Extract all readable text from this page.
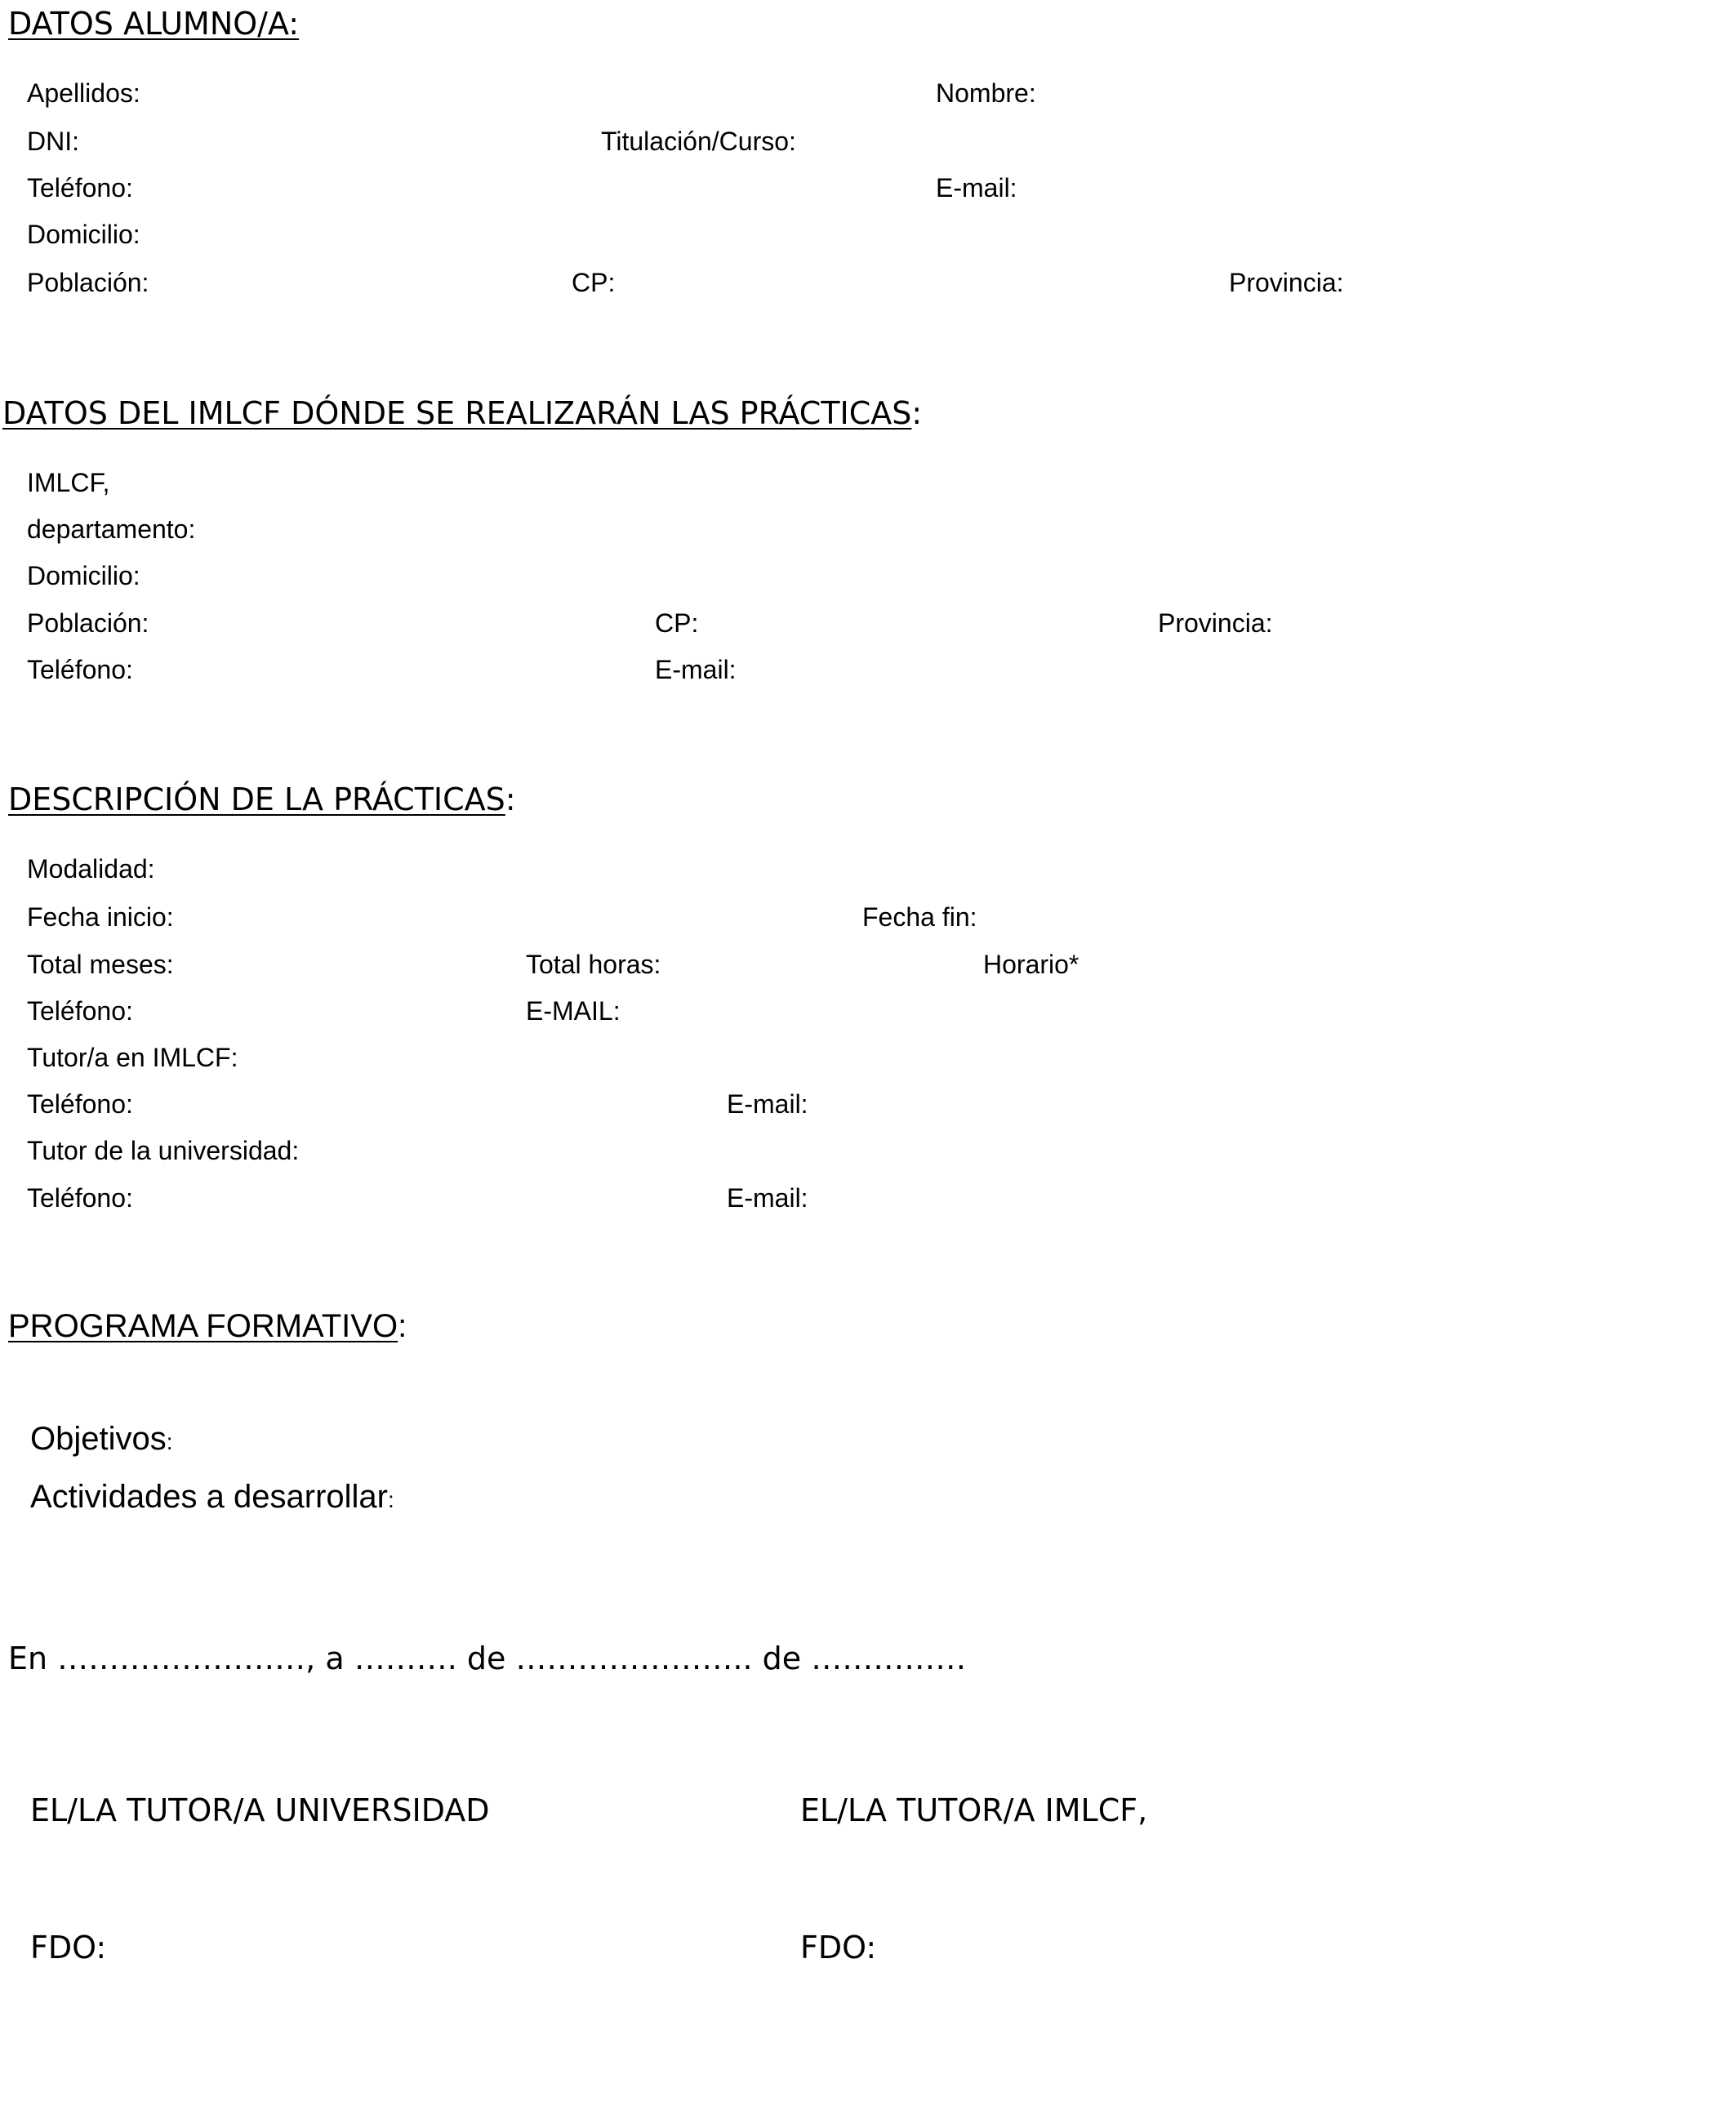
DATOS ALUMNO/A:
Apellidos:	Nombre:
DNI:	Titulación/Curso:
Teléfono:	E-mail:
Domicilio:
Población:	CP:	Provincia:
DATOS DEL IMLCF DÓNDE SE REALIZARÁN LAS PRÁCTICAS:
IMLCF,
departamento:
Domicilio:
Población:	CP:	Provincia:
Teléfono:	E-mail:
DESCRIPCIÓN DE LA PRÁCTICAS:
Modalidad:
Fecha inicio:	Fecha fin:
Total meses:	Total horas:	Horario*
Teléfono:	E-MAIL:
Tutor/a en IMLCF:
Teléfono:	E-mail:
Tutor de la universidad:
Teléfono:	E-mail:
PROGRAMA FORMATIVO:
Objetivos:
Actividades a desarrollar:
En ……………………, a ………. de ………………….. de ……………
EL/LA TUTOR/A UNIVERSIDAD	EL/LA TUTOR/A IMLCF,
FDO:	FDO:
